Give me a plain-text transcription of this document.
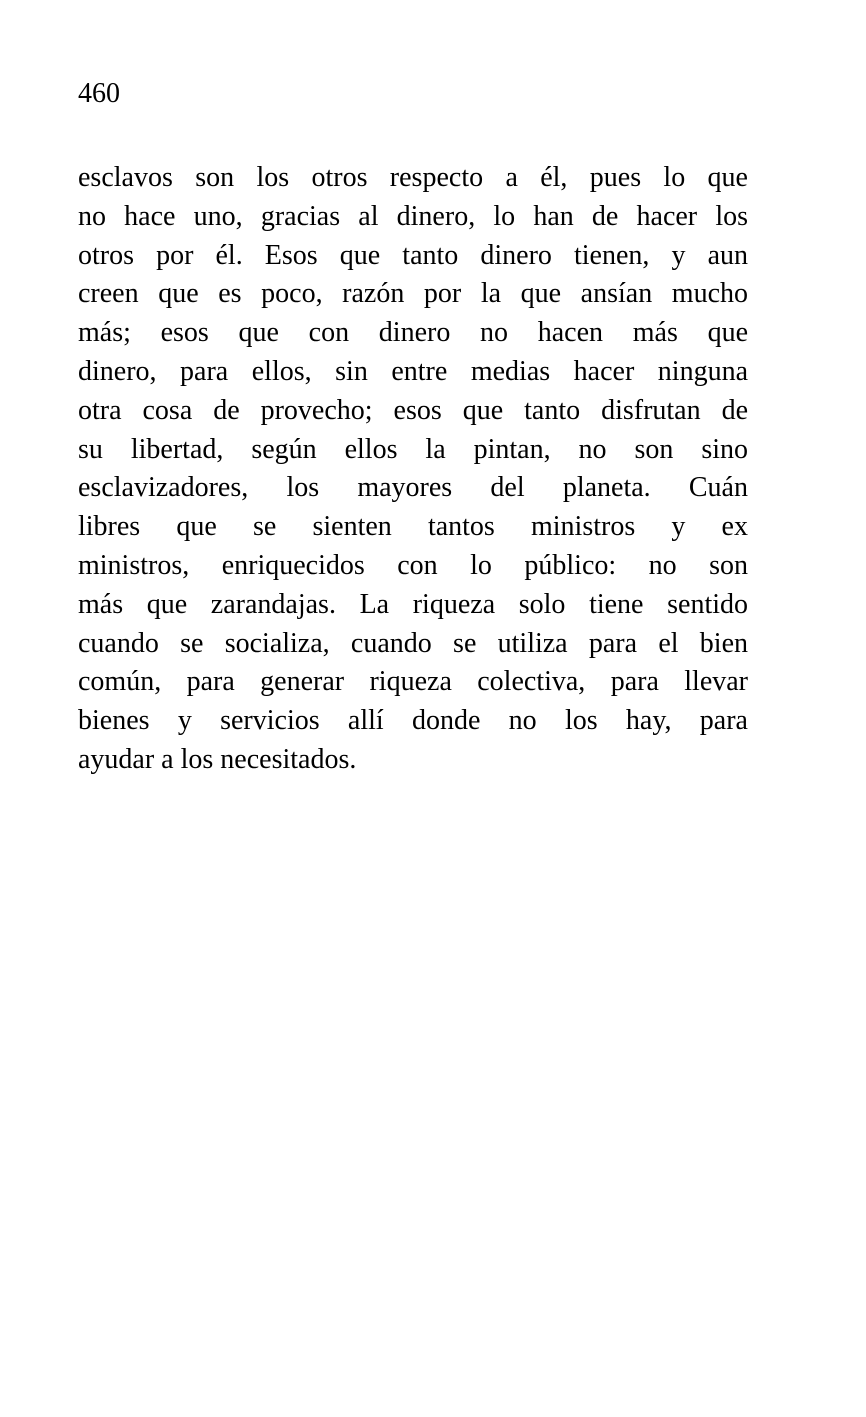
460
esclavos son los otros respecto a él, pues lo que
no hace uno, gracias al dinero, lo han de hacer los
otros por él. Esos que tanto dinero tienen, y aun
creen que es poco, razón por la que ansían mucho
más; esos que con dinero no hacen más que
dinero, para ellos, sin entre medias hacer ninguna
otra cosa de provecho; esos que tanto disfrutan de
su libertad, según ellos la pintan, no son sino
esclavizadores, los mayores del planeta. Cuán
libres que se sienten tantos ministros y ex
ministros, enriquecidos con lo público: no son
más que zarandajas. La riqueza solo tiene sentido
cuando se socializa, cuando se utiliza para el bien
común, para generar riqueza colectiva, para llevar
bienes y servicios allí donde no los hay, para
ayudar a los necesitados.
